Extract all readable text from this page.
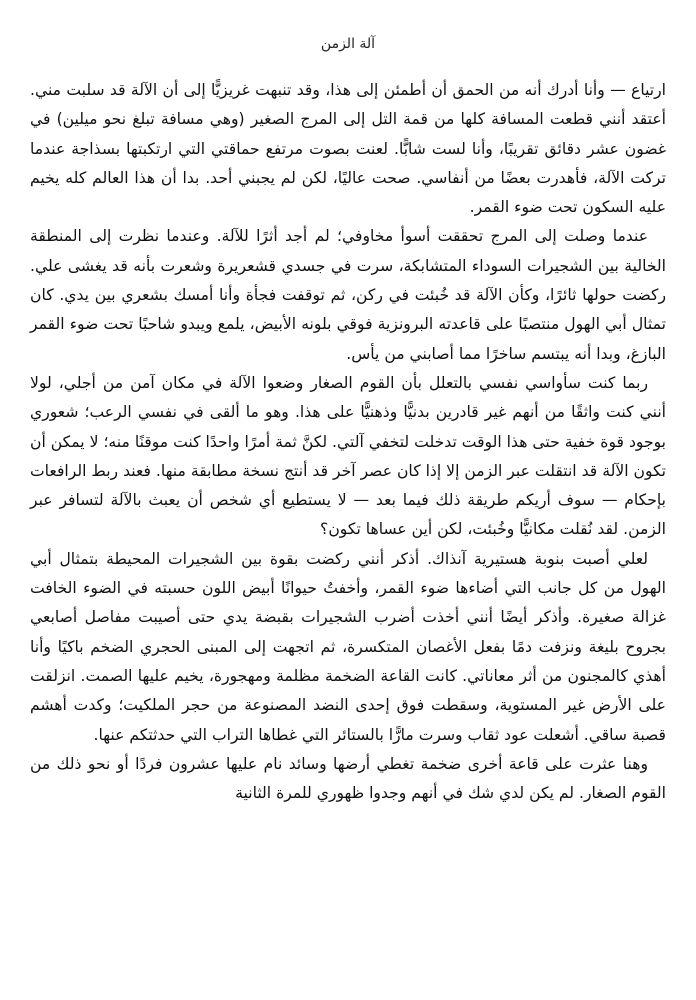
آلة الزمن

ارتياع — وأنا أدرك أنه من الحمق أن أطمئن إلى هذا، وقد تنبهت غريزيًّا إلى أن الآلة قد سلبت مني. أعتقد أنني قطعت المسافة كلها من قمة التل إلى المرج الصغير (وهي مسافة تبلغ نحو ميلين) في غضون عشر دقائق تقريبًا، وأنا لست شابًّا. لعنت بصوت مرتفع حماقتي التي ارتكبتها بسذاجة عندما تركت الآلة، فأهدرت بعضًا من أنفاسي. صحت عاليًا، لكن لم يجبني أحد. بدا أن هذا العالم كله يخيم عليه السكون تحت ضوء القمر.

عندما وصلت إلى المرج تحققت أسوأ مخاوفي؛ لم أجد أثرًا للآلة. وعندما نظرت إلى المنطقة الخالية بين الشجيرات السوداء المتشابكة، سرت في جسدي قشعريرة وشعرت بأنه قد يغشى علي. ركضت حولها ثائرًا، وكأن الآلة قد خُبئت في ركن، ثم توقفت فجأة وأنا أمسك بشعري بين يدي. كان تمثال أبي الهول منتصبًا على قاعدته البرونزية فوقي بلونه الأبيض، يلمع ويبدو شاحبًا تحت ضوء القمر البازغ، وبدا أنه يبتسم ساخرًا مما أصابني من يأس.

ربما كنت سأواسي نفسي بالتعلل بأن القوم الصغار وضعوا الآلة في مكان آمن من أجلي، لولا أنني كنت واثقًا من أنهم غير قادرين بدنيًّا وذهنيًّا على هذا. وهو ما ألقى في نفسي الرعب؛ شعوري بوجود قوة خفية حتى هذا الوقت تدخلت لتخفي آلتي. لكنَّ ثمة أمرًا واحدًا كنت موقنًا منه؛ لا يمكن أن تكون الآلة قد انتقلت عبر الزمن إلا إذا كان عصر آخر قد أنتج نسخة مطابقة منها. فعند ربط الرافعات بإحكام — سوف أريكم طريقة ذلك فيما بعد — لا يستطيع أي شخص أن يعبث بالآلة لتسافر عبر الزمن. لقد نُقلت مكانيًّا وخُبئت، لكن أين عساها تكون؟

لعلي أصبت بنوبة هستيرية آنذاك. أذكر أنني ركضت بقوة بين الشجيرات المحيطة بتمثال أبي الهول من كل جانب التي أضاءها ضوء القمر، وأخفتُ حيوانًا أبيض اللون حسبته في الضوء الخافت غزالة صغيرة. وأذكر أيضًا أنني أخذت أضرب الشجيرات بقبضة يدي حتى أصيبت مفاصل أصابعي بجروح بليغة ونزفت دمًا بفعل الأغصان المتكسرة، ثم اتجهت إلى المبنى الحجري الضخم باكيًا وأنا أهذي كالمجنون من أثر معاناتي. كانت القاعة الضخمة مظلمة ومهجورة، يخيم عليها الصمت. انزلقت على الأرض غير المستوية، وسقطت فوق إحدى النضد المصنوعة من حجر الملكيت؛ وكدت أهشم قصبة ساقي. أشعلت عود ثقاب وسرت مارًّا بالستائر التي غطاها التراب التي حدثتكم عنها.

وهنا عثرت على قاعة أخرى ضخمة تغطي أرضها وسائد نام عليها عشرون فردًا أو نحو ذلك من القوم الصغار. لم يكن لدي شك في أنهم وجدوا ظهوري للمرة الثانية
